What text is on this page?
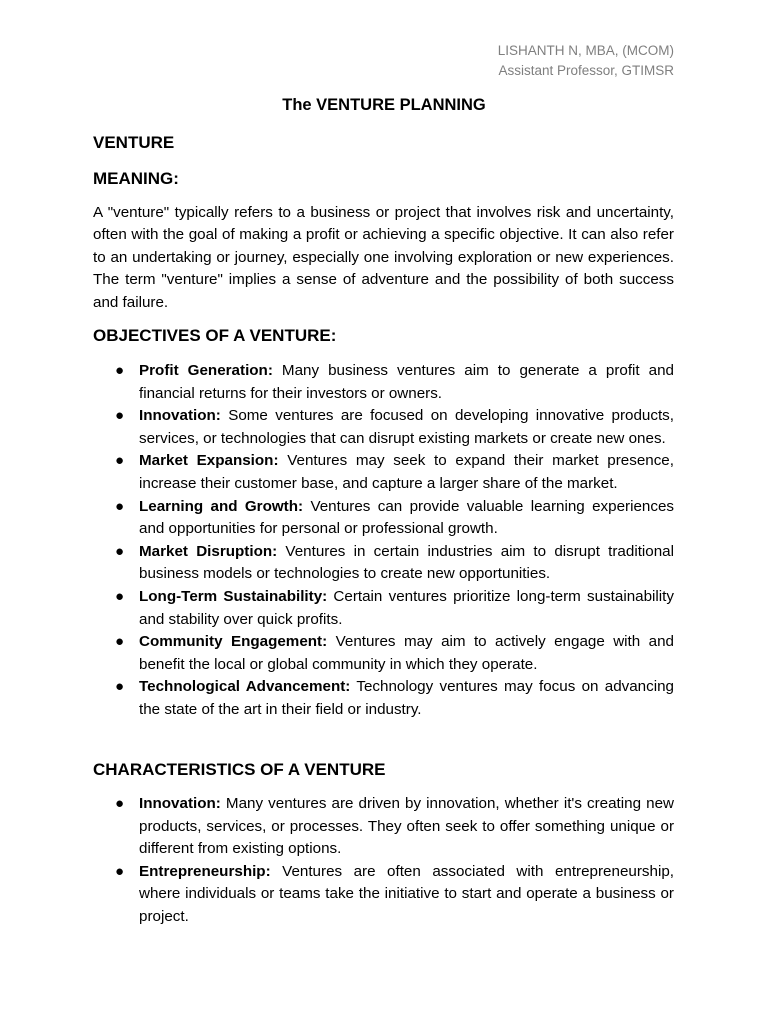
LISHANTH N, MBA, (MCOM)
Assistant Professor, GTIMSR
The VENTURE PLANNING
VENTURE
MEANING:
A "venture" typically refers to a business or project that involves risk and uncertainty, often with the goal of making a profit or achieving a specific objective. It can also refer to an undertaking or journey, especially one involving exploration or new experiences. The term "venture" implies a sense of adventure and the possibility of both success and failure.
OBJECTIVES OF A VENTURE:
● Profit Generation: Many business ventures aim to generate a profit and financial returns for their investors or owners.
● Innovation: Some ventures are focused on developing innovative products, services, or technologies that can disrupt existing markets or create new ones.
● Market Expansion: Ventures may seek to expand their market presence, increase their customer base, and capture a larger share of the market.
● Learning and Growth: Ventures can provide valuable learning experiences and opportunities for personal or professional growth.
● Market Disruption: Ventures in certain industries aim to disrupt traditional business models or technologies to create new opportunities.
● Long-Term Sustainability: Certain ventures prioritize long-term sustainability and stability over quick profits.
● Community Engagement: Ventures may aim to actively engage with and benefit the local or global community in which they operate.
● Technological Advancement: Technology ventures may focus on advancing the state of the art in their field or industry.
CHARACTERISTICS OF A VENTURE
● Innovation: Many ventures are driven by innovation, whether it's creating new products, services, or processes. They often seek to offer something unique or different from existing options.
● Entrepreneurship: Ventures are often associated with entrepreneurship, where individuals or teams take the initiative to start and operate a business or project.
